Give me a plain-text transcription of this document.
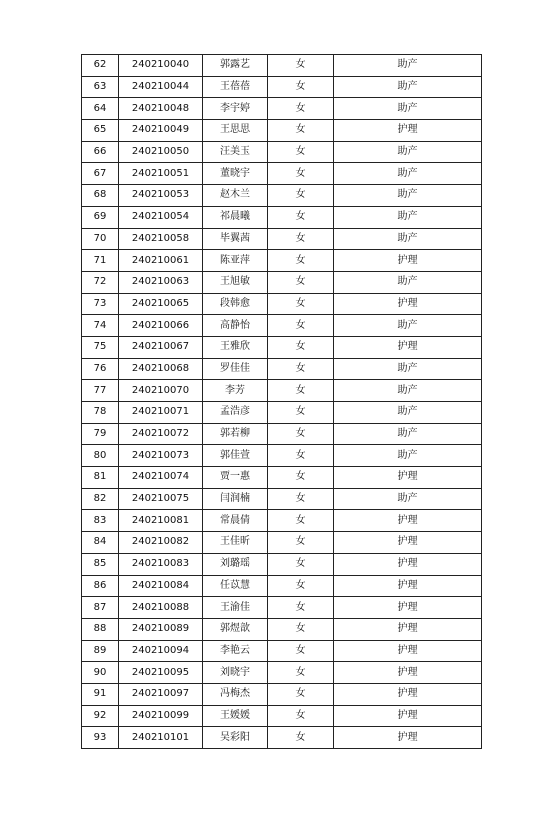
62	240210040	郭露艺	女	助产
63	240210044	王蓓蓓	女	助产
64	240210048	李宇婷	女	助产
65	240210049	王思思	女	护理
66	240210050	汪美玉	女	助产
67	240210051	董晓宇	女	助产
68	240210053	赵木兰	女	助产
69	240210054	祁晨曦	女	助产
70	240210058	毕翼茜	女	助产
71	240210061	陈亚萍	女	护理
72	240210063	王旭敏	女	助产
73	240210065	段韩愈	女	护理
74	240210066	高静怡	女	助产
75	240210067	王雅欣	女	护理
76	240210068	罗佳佳	女	助产
77	240210070	李芳	女	助产
78	240210071	孟浩彦	女	助产
79	240210072	郭若柳	女	助产
80	240210073	郭佳萱	女	助产
81	240210074	贾一惠	女	护理
82	240210075	闫润楠	女	助产
83	240210081	常晨倩	女	护理
84	240210082	王佳昕	女	护理
85	240210083	刘璐瑶	女	护理
86	240210084	任苡慧	女	护理
87	240210088	王渝佳	女	护理
88	240210089	郭煜歆	女	护理
89	240210094	李艳云	女	护理
90	240210095	刘晓宇	女	护理
91	240210097	冯梅杰	女	护理
92	240210099	王媛媛	女	护理
93	240210101	吴彩阳	女	护理
